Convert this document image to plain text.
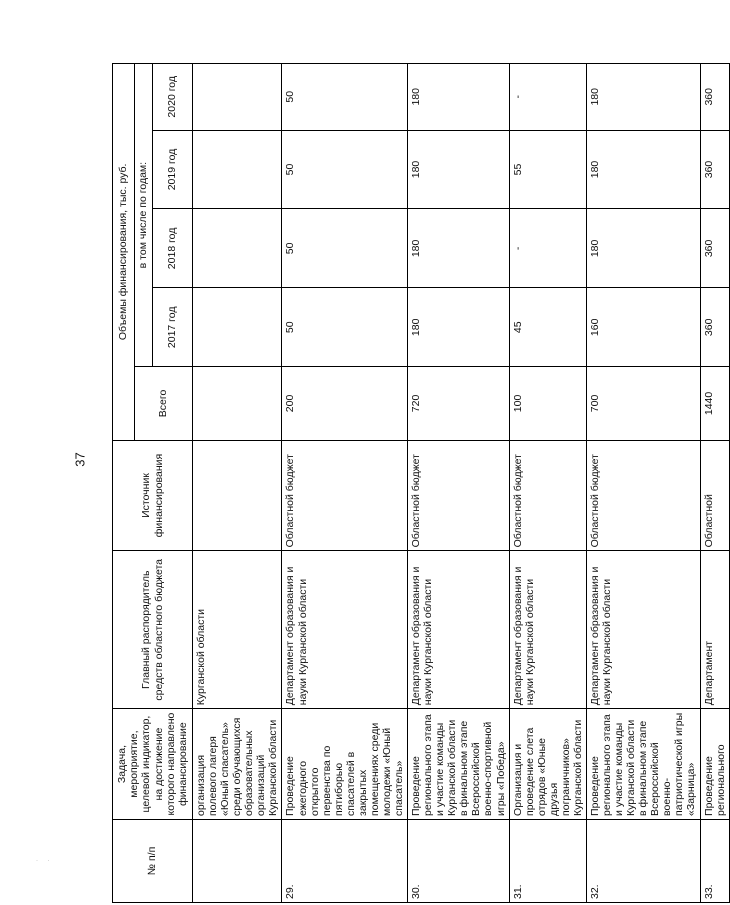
37
№ п/п	Задача, мероприятие, целевой индикатор, на достижение которого направлено финансирование	Главный распорядитель средств областного бюджета	Источник финансирования	Объемы финансирования, тыс. руб.				
				Всего	в том числе по годам:			
					2017 год	2018 год	2019 год	2020 год
	организация полевого лагеря «Юный спасатель» среди обучающихся образовательных организаций Курганской области	Курганской области						
29.	Проведение ежегодного открытого первенства по пятиборью спасателей в закрытых помещениях среди молодежи «Юный спасатель»	Департамент образования и науки Курганской области	Областной бюджет	200	50	50	50	50
30.	Проведение регионального этапа и участие команды Курганской области в финальном этапе Всероссийской военно-спортивной игры «Победа»	Департамент образования и науки Курганской области	Областной бюджет	720	180	180	180	180
31.	Организация и проведение слета отрядов «Юные друзья пограничников» Курганской области	Департамент образования и науки Курганской области	Областной бюджет	100	45	-	55	-
32.	Проведение регионального этапа и участие команды Курганской области в финальном этапе Всероссийской военно-патриотической игры «Зарница»	Департамент образования и науки Курганской области	Областной бюджет	700	160	180	180	180
33.	Проведение регионального	Департамент	Областной	1440	360	360	360	360
· ·
